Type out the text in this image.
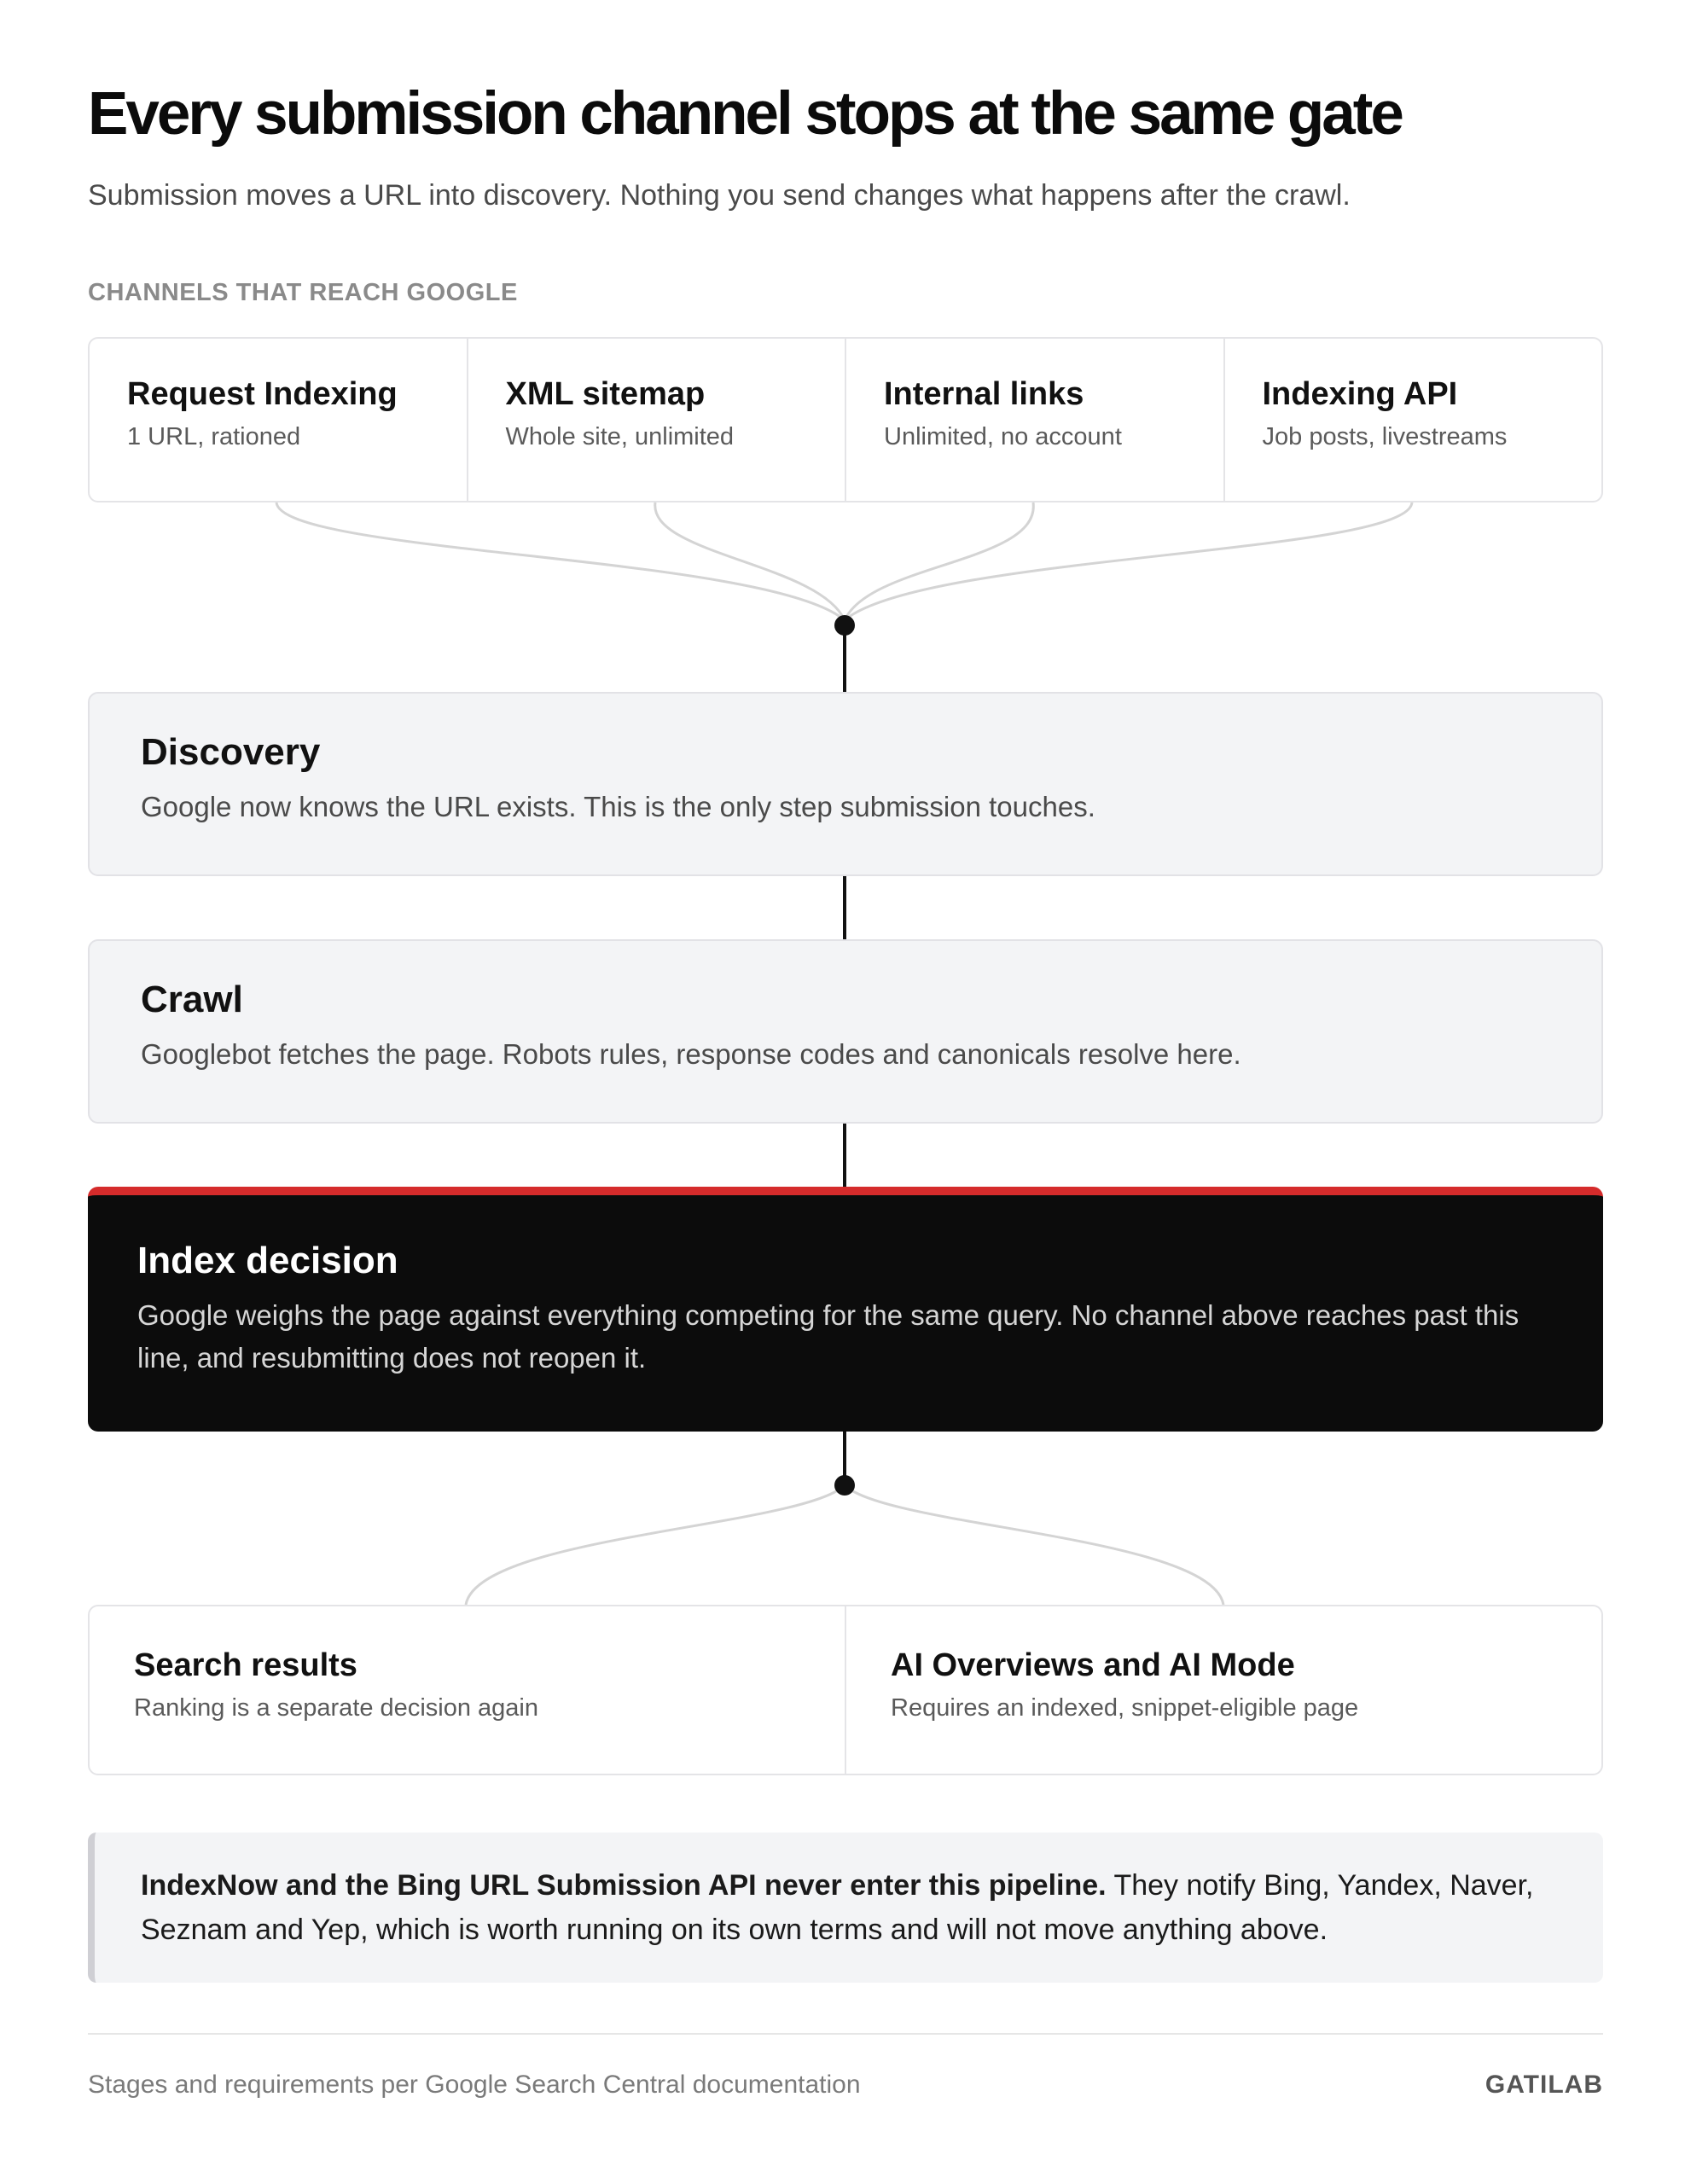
Every submission channel stops at the same gate

Submission moves a URL into discovery. Nothing you send changes what happens after the crawl.

CHANNELS THAT REACH GOOGLE

Request Indexing
1 URL, rationed
XML sitemap
Whole site, unlimited
Internal links
Unlimited, no account
Indexing API
Job posts, livestreams
Discovery
Google now knows the URL exists. This is the only step submission touches.
Crawl
Googlebot fetches the page. Robots rules, response codes and canonicals resolve here.
Index decision
Google weighs the page against everything competing for the same query. No channel above reaches past this line, and resubmitting does not reopen it.
Search results
Ranking is a separate decision again
AI Overviews and AI Mode
Requires an indexed, snippet-eligible page
IndexNow and the Bing URL Submission API never enter this pipeline. They notify Bing, Yandex, Naver, Seznam and Yep, which is worth running on its own terms and will not move anything above.

Stages and requirements per Google Search Central documentation	GATILAB
